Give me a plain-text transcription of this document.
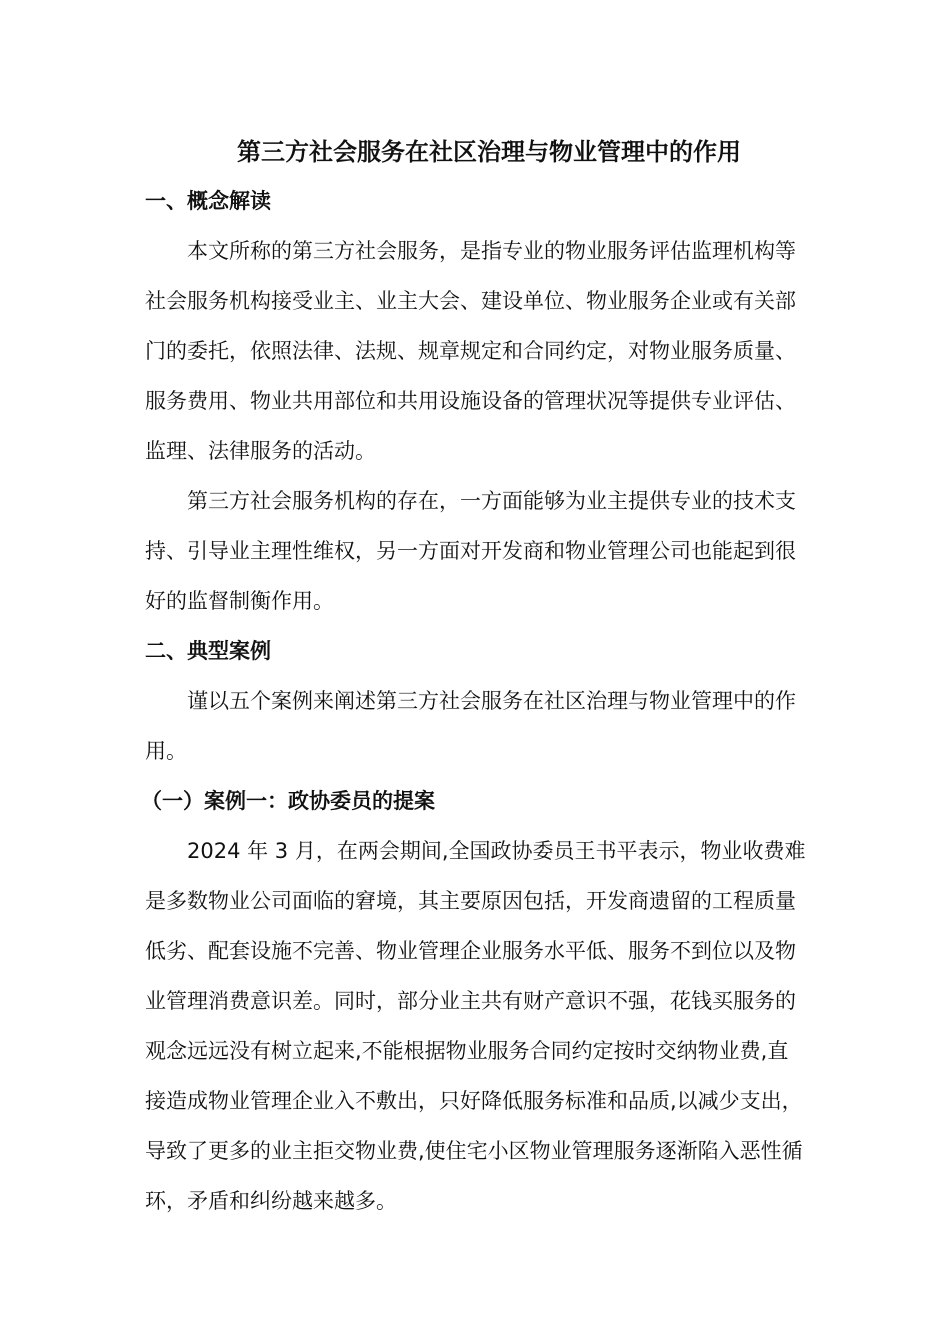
第三方社会服务在社区治理与物业管理中的作用
一、概念解读

本文所称的第三方社会服务，是指专业的物业服务评估监理机构等
社会服务机构接受业主、业主大会、建设单位、物业服务企业或有关部
门的委托，依照法律、法规、规章规定和合同约定，对物业服务质量、
服务费用、物业共用部位和共用设施设备的管理状况等提供专业评估、
监理、法律服务的活动。

第三方社会服务机构的存在，一方面能够为业主提供专业的技术支
持、引导业主理性维权，另一方面对开发商和物业管理公司也能起到很
好的监督制衡作用。

二、典型案例

谨以五个案例来阐述第三方社会服务在社区治理与物业管理中的作
用。

（一）案例一：政协委员的提案

2024 年 3 月，在两会期间,全国政协委员王书平表示，物业收费难
是多数物业公司面临的窘境，其主要原因包括，开发商遗留的工程质量
低劣、配套设施不完善、物业管理企业服务水平低、服务不到位以及物
业管理消费意识差。同时，部分业主共有财产意识不强，花钱买服务的
观念远远没有树立起来,不能根据物业服务合同约定按时交纳物业费,直
接造成物业管理企业入不敷出，只好降低服务标准和品质,以减少支出，
导致了更多的业主拒交物业费,使住宅小区物业管理服务逐渐陷入恶性循
环，矛盾和纠纷越来越多。
